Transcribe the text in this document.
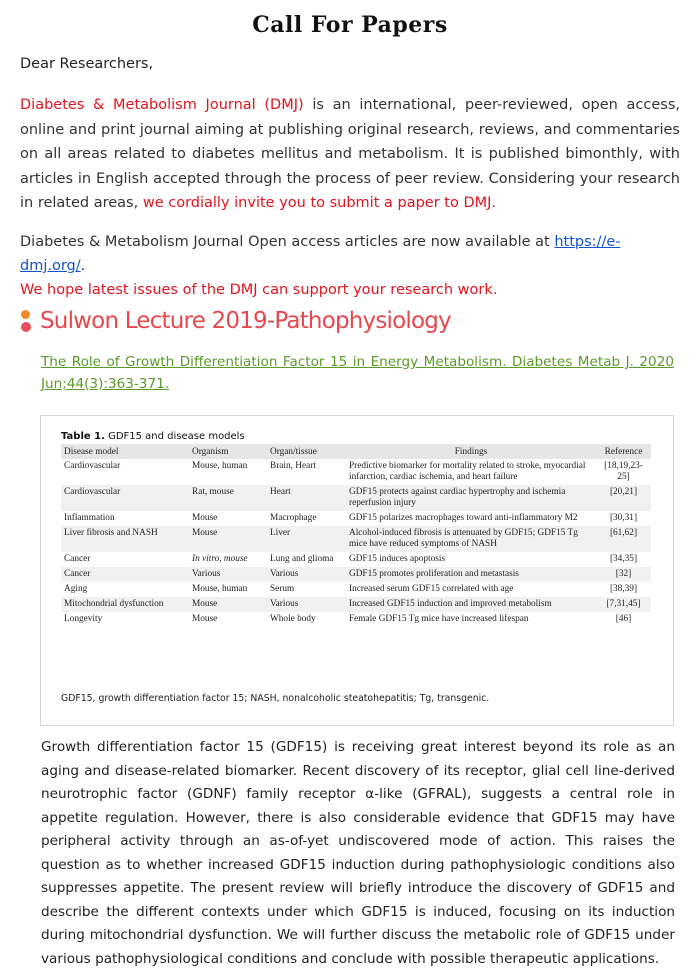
Call For Papers
Dear Researchers,
Diabetes & Metabolism Journal (DMJ) is an international, peer-reviewed, open access, online and print journal aiming at publishing original research, reviews, and commentaries on all areas related to diabetes mellitus and metabolism. It is published bimonthly, with articles in English accepted through the process of peer review. Considering your research in related areas, we cordially invite you to submit a paper to DMJ.
Diabetes & Metabolism Journal Open access articles are now available at https://e-dmj.org/.
We hope latest issues of the DMJ can support your research work.
Sulwon Lecture 2019-Pathophysiology
The Role of Growth Differentiation Factor 15 in Energy Metabolism. Diabetes Metab J. 2020 Jun;44(3):363-371.
Table 1. GDF15 and disease models
Disease model	Organism	Organ/tissue	Findings	Reference
Cardiovascular	Mouse, human	Brain, Heart	Predictive biomarker for mortality related to stroke, myocardial infarction, cardiac ischemia, and heart failure	[18,19,23-25]
Cardiovascular	Rat, mouse	Heart	GDF15 protects against cardiac hypertrophy and ischemia reperfusion injury	[20,21]
Inflammation	Mouse	Macrophage	GDF15 polarizes macrophages toward anti-inflammatory M2	[30,31]
Liver fibrosis and NASH	Mouse	Liver	Alcohol-induced fibrosis is attenuated by GDF15; GDF15 Tg mice have reduced symptoms of NASH	[61,62]
Cancer	In vitro, mouse	Lung and glioma	GDF15 induces apoptosis	[34,35]
Cancer	Various	Various	GDF15 promotes proliferation and metastasis	[32]
Aging	Mouse, human	Serum	Increased serum GDF15 correlated with age	[38,39]
Mitochondrial dysfunction	Mouse	Various	Increased GDF15 induction and improved metabolism	[7,31,45]
Longevity	Mouse	Whole body	Female GDF15 Tg mice have increased lifespan	[46]
GDF15, growth differentiation factor 15; NASH, nonalcoholic steatohepatitis; Tg, transgenic.
Growth differentiation factor 15 (GDF15) is receiving great interest beyond its role as an aging and disease-related biomarker. Recent discovery of its receptor, glial cell line-derived neurotrophic factor (GDNF) family receptor α-like (GFRAL), suggests a central role in appetite regulation. However, there is also considerable evidence that GDF15 may have peripheral activity through an as-of-yet undiscovered mode of action. This raises the question as to whether increased GDF15 induction during pathophysiologic conditions also suppresses appetite. The present review will briefly introduce the discovery of GDF15 and describe the different contexts under which GDF15 is induced, focusing on its induction during mitochondrial dysfunction. We will further discuss the metabolic role of GDF15 under various pathophysiological conditions and conclude with possible therapeutic applications.
